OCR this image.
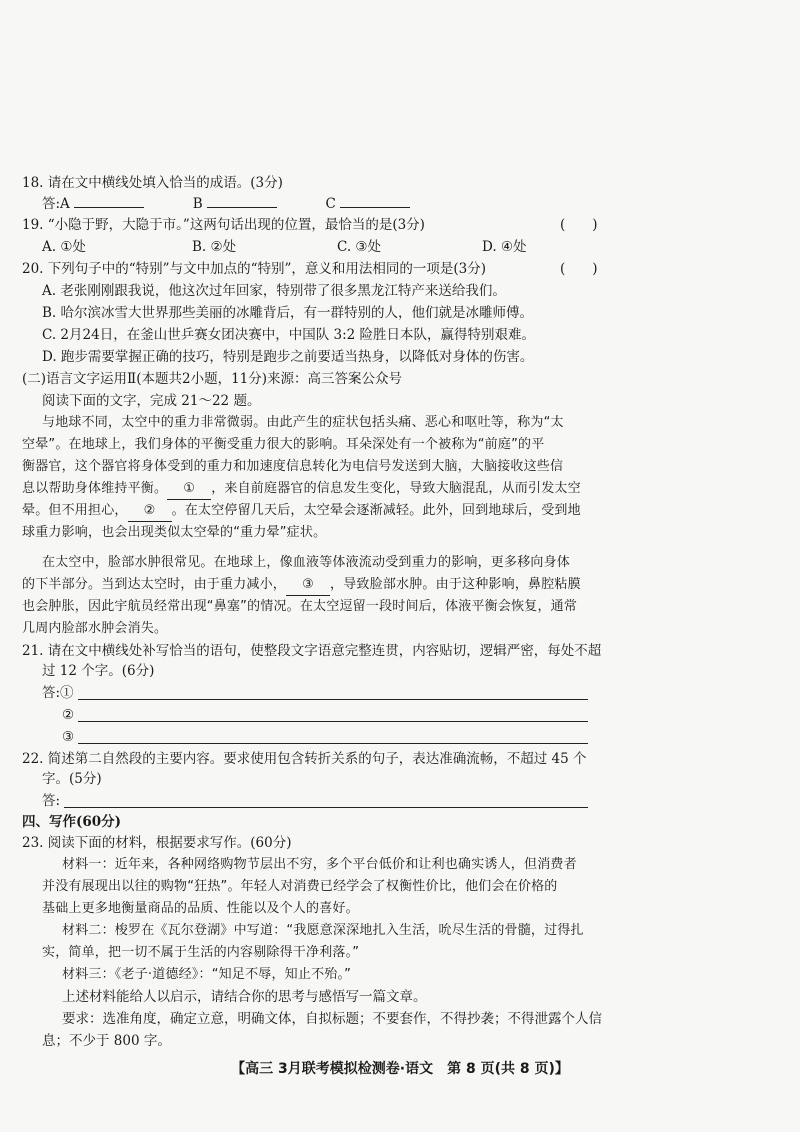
18. 请在文中横线处填入恰当的成语。(3分)
答:A	B	C
19. “小隐于野，大隐于市。”这两句话出现的位置，最恰当的是(3分)	(　　)
A. ①处	B. ②处	C. ③处	D. ④处
20. 下列句子中的“特别”与文中加点的“特别”，意义和用法相同的一项是(3分)	(　　)
A. 老张刚刚跟我说，他这次过年回家，特别带了很多黑龙江特产来送给我们。
B. 哈尔滨冰雪大世界那些美丽的冰雕背后，有一群特别的人，他们就是冰雕师傅。
C. 2月24日，在釜山世乒赛女团决赛中，中国队 3:2 险胜日本队，赢得特别艰难。
D. 跑步需要掌握正确的技巧，特别是跑步之前要适当热身，以降低对身体的伤害。
(二)语言文字运用Ⅱ(本题共2小题，11分)来源：高三答案公众号
阅读下面的文字，完成 21～22 题。
与地球不同，太空中的重力非常微弱。由此产生的症状包括头痛、恶心和呕吐等，称为“太
空晕”。在地球上，我们身体的平衡受重力很大的影响。耳朵深处有一个被称为“前庭”的平
衡器官，这个器官将身体受到的重力和加速度信息转化为电信号发送到大脑，大脑接收这些信
息以帮助身体维持平衡。 ① ，来自前庭器官的信息发生变化，导致大脑混乱，从而引发太空
晕。但不用担心， ② 。在太空停留几天后，太空晕会逐渐减轻。此外，回到地球后，受到地
球重力影响，也会出现类似太空晕的“重力晕”症状。
在太空中，脸部水肿很常见。在地球上，像血液等体液流动受到重力的影响，更多移向身体
的下半部分。当到达太空时，由于重力减小， ③ ，导致脸部水肿。由于这种影响，鼻腔粘膜
也会肿胀，因此宇航员经常出现“鼻塞”的情况。在太空逗留一段时间后，体液平衡会恢复，通常
几周内脸部水肿会消失。
21. 请在文中横线处补写恰当的语句，使整段文字语意完整连贯，内容贴切，逻辑严密，每处不超
过 12 个字。(6分)
答:①
②
③
22. 简述第二自然段的主要内容。要求使用包含转折关系的句子，表达准确流畅，不超过 45 个
字。(5分)
答:
四、写作(60分)
23. 阅读下面的材料，根据要求写作。(60分)
材料一：近年来，各种网络购物节层出不穷，多个平台低价和让利也确实诱人，但消费者
并没有展现出以往的购物“狂热”。年轻人对消费已经学会了权衡性价比，他们会在价格的
基础上更多地衡量商品的品质、性能以及个人的喜好。
材料二：梭罗在《瓦尔登湖》中写道：“我愿意深深地扎入生活，吮尽生活的骨髓，过得扎
实，简单，把一切不属于生活的内容剔除得干净利落。”
材料三：《老子·道德经》：“知足不辱，知止不殆。”
上述材料能给人以启示，请结合你的思考与感悟写一篇文章。
要求：选准角度，确定立意，明确文体，自拟标题；不要套作，不得抄袭；不得泄露个人信
息；不少于 800 字。
【高三 3月联考模拟检测卷·语文　第 8 页(共 8 页)】
